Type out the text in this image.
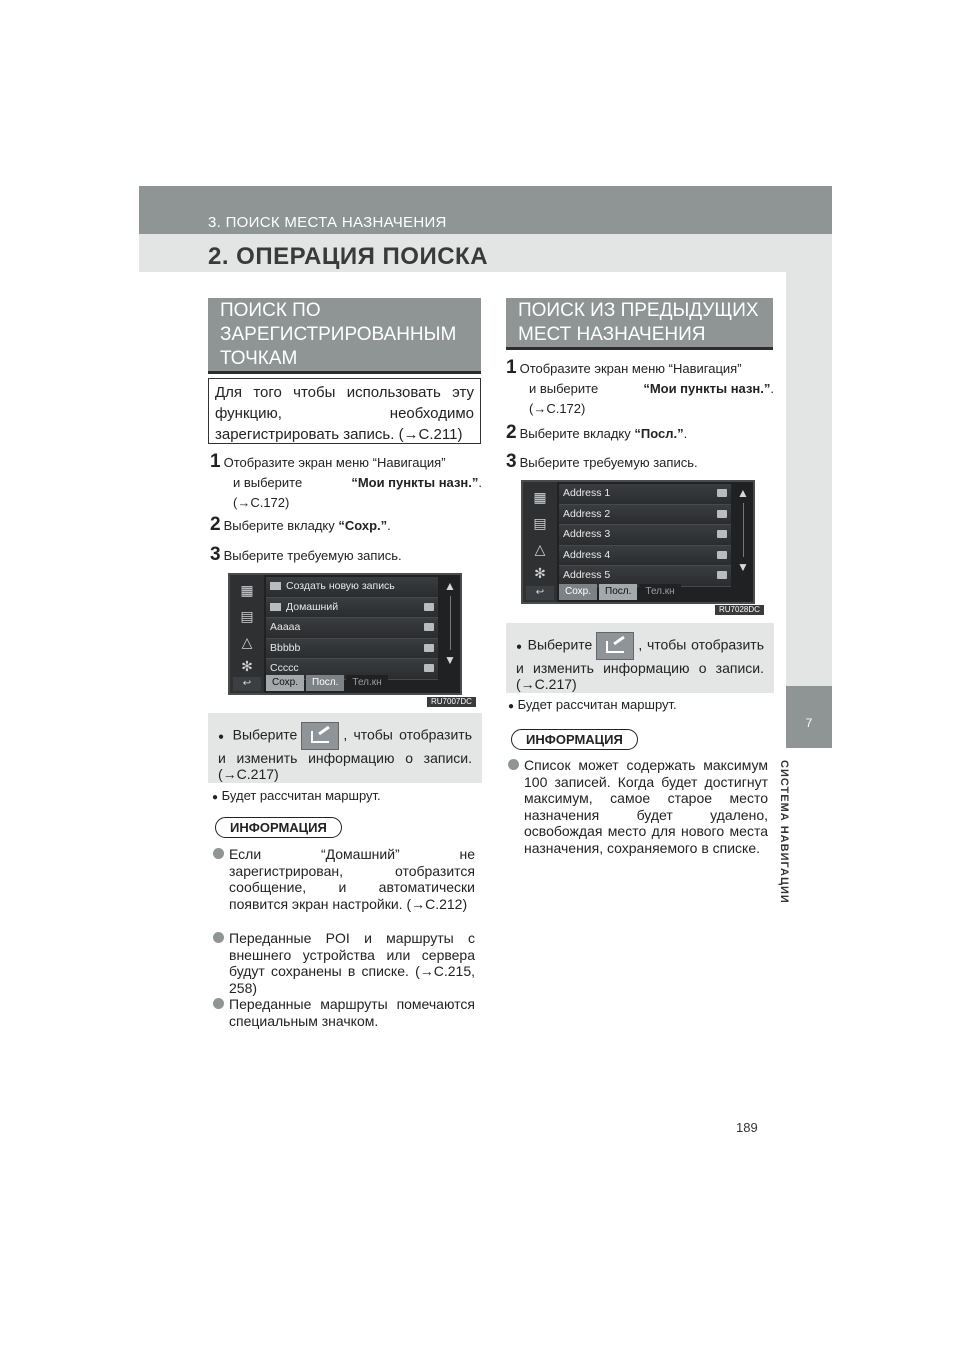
3. ПОИСК МЕСТА НАЗНАЧЕНИЯ
2. ОПЕРАЦИЯ ПОИСКА
7
СИСТЕМА НАВИГАЦИИ
ПОИСК ПО
ЗАРЕГИСТРИРОВАННЫМ
ТОЧКАМ
Для того чтобы использовать эту функцию, необходимо зарегистрировать запись. (→С.211)
1 Отобразите экран меню “Навигация”
и выберите	“Мои пункты назн.”.
(→С.172)
2 Выберите вкладку “Сохр.”.
3 Выберите требуемую запись.
▦
▤
△
✻
Создать новую запись
Домашний
Aaaaa
Bbbbb
Ccccc
▲
▼
↩	Сохр.	Посл.	Тел.кн
RU7007DC
● Выберите	, чтобы отобразить и изменить информацию о записи. (→С.217)
● Будет рассчитан маршрут.
ИНФОРМАЦИЯ
Если “Домашний” не зарегистрирован, отобразится сообщение, и автоматически появится экран настройки. (→С.212)
Переданные POI и маршруты с внешнего устройства или сервера будут сохранены в списке. (→С.215, 258)
Переданные маршруты помечаются специальным значком.
ПОИСК ИЗ ПРЕДЫДУЩИХ
МЕСТ НАЗНАЧЕНИЯ
1 Отобразите экран меню “Навигация”
и выберите	“Мои пункты назн.”.
(→С.172)
2 Выберите вкладку “Посл.”.
3 Выберите требуемую запись.
▦
▤
△
✻
Address 1
Address 2
Address 3
Address 4
Address 5
▲
▼
↩	Сохр.	Посл.	Тел.кн
RU7028DC
● Выберите	, чтобы отобразить и изменить информацию о записи. (→С.217)
● Будет рассчитан маршрут.
ИНФОРМАЦИЯ
Список может содержать максимум 100 записей. Когда будет достигнут максимум, самое старое место назначения будет удалено, освобождая место для нового места назначения, сохраняемого в списке.
189
